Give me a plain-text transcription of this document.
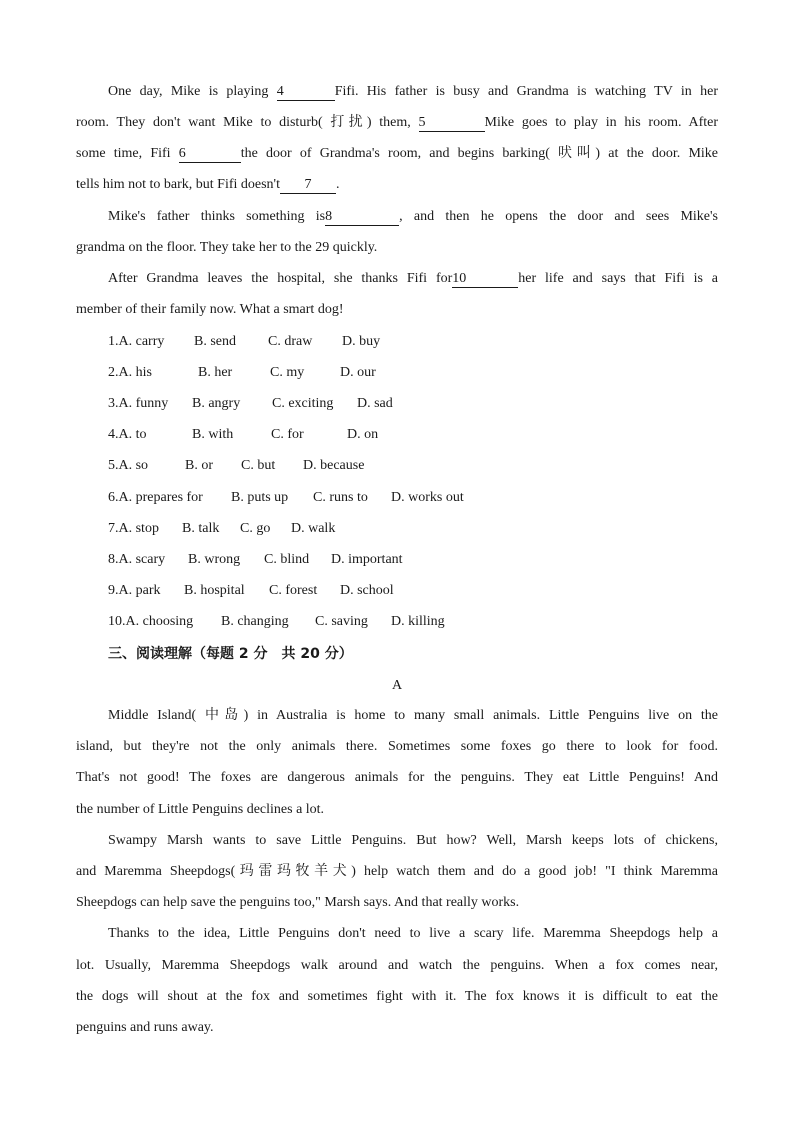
One day, Mike is playing 4	Fifi. His father is busy and Grandma is watching TV in her
room. They don't want Mike to disturb( 打扰) them, 5	Mike goes to play in his room. After
some time, Fifi 6	the door of Grandma's room, and begins barking( 吠叫) at the door. Mike
tells him not to bark, but Fifi doesn't 7 .
Mike's father thinks something is8	, and then he opens the door and sees Mike's
grandma on the floor. They take her to the 29 quickly.
After Grandma leaves the hospital, she thanks Fifi for10	her life and says that Fifi is a
member of their family now. What a smart dog!
1.A. carry B. send C. draw D. buy
2.A. his	B. her	C. my	D. our
3.A. funny B. angry C. exciting D. sad
4.A. to	B. with	C. for	D. on
5.A. so	B. or C. but D. because
6.A. prepares for B. puts up C. runs to D. works out
7.A. stop B. talk C. go D. walk
8.A. scary B. wrong C. blind D. important
9.A. park B. hospital C. forest D. school
10.A. choosing B. changing C. saving D. killing
三、阅读理解（每题 2 分　共 20 分）
A
Middle Island( 中岛) in Australia is home to many small animals. Little Penguins live on the
island, but they're not the only animals there. Sometimes some foxes go there to look for food.
That's not good! The foxes are dangerous animals for the penguins. They eat Little Penguins! And
the number of Little Penguins declines a lot.
Swampy Marsh wants to save Little Penguins. But how? Well, Marsh keeps lots of chickens,
and Maremma Sheepdogs(玛雷玛牧羊犬) help watch them and do a good job! "I think Maremma
Sheepdogs can help save the penguins too," Marsh says. And that really works.
Thanks to the idea, Little Penguins don't need to live a scary life. Maremma Sheepdogs help a
lot. Usually, Maremma Sheepdogs walk around and watch the penguins. When a fox comes near,
the dogs will shout at the fox and sometimes fight with it. The fox knows it is difficult to eat the
penguins and runs away.
